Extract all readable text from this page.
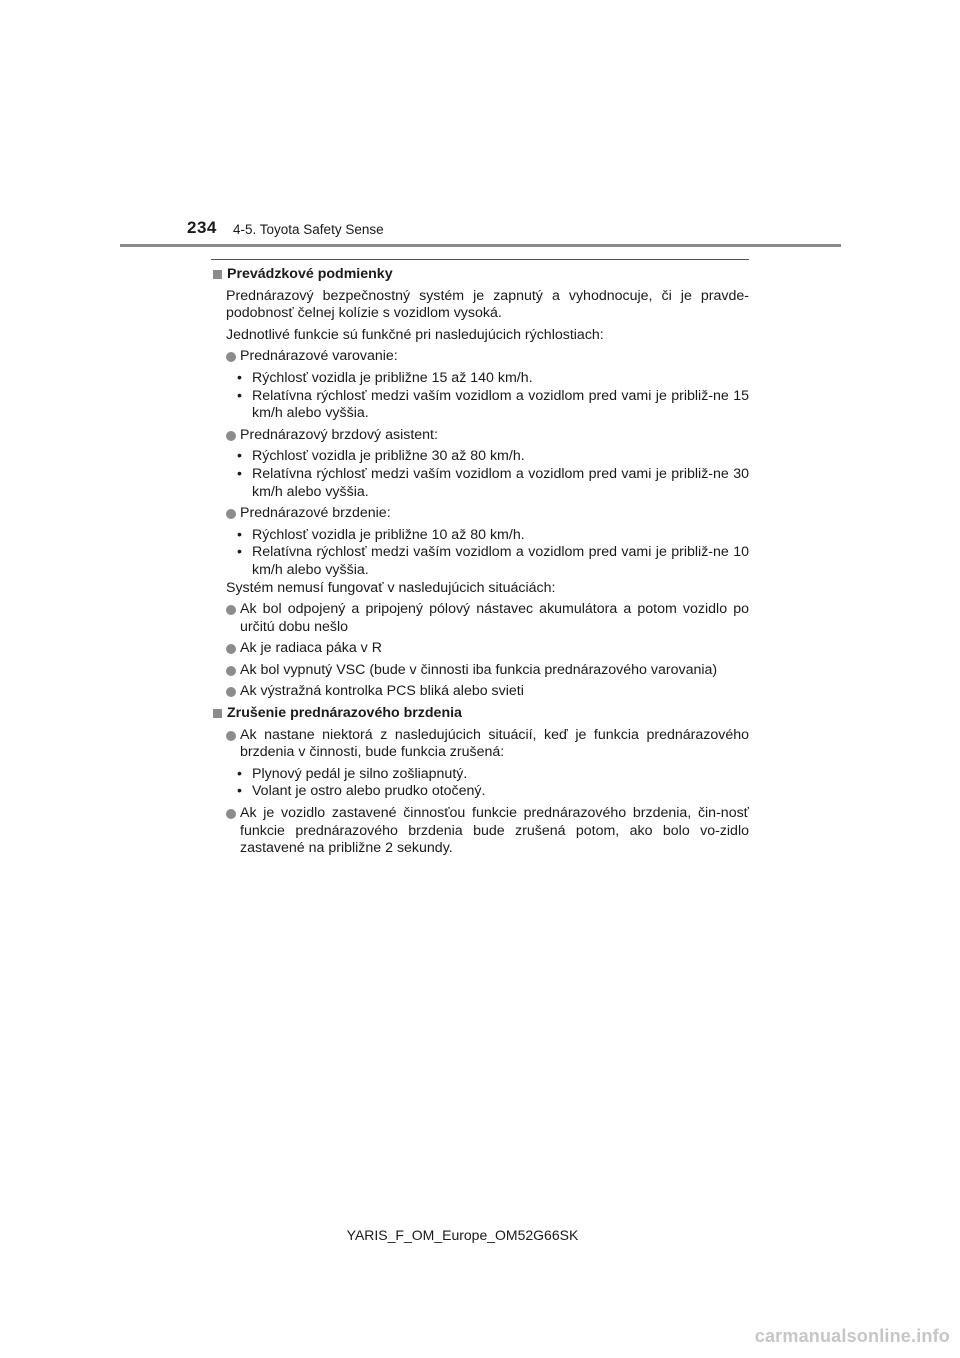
234 4-5. Toyota Safety Sense
Prevádzkové podmienky
Prednárazový bezpečnostný systém je zapnutý a vyhodnocuje, či je pravde-podobnosť čelnej kolízie s vozidlom vysoká.
Jednotlivé funkcie sú funkčné pri nasledujúcich rýchlostiach:
Prednárazové varovanie:
• Rýchlosť vozidla je približne 15 až 140 km/h.
• Relatívna rýchlosť medzi vaším vozidlom a vozidlom pred vami je približ-ne 15 km/h alebo vyššia.
Prednárazový brzdový asistent:
• Rýchlosť vozidla je približne 30 až 80 km/h.
• Relatívna rýchlosť medzi vaším vozidlom a vozidlom pred vami je približ-ne 30 km/h alebo vyššia.
Prednárazové brzdenie:
• Rýchlosť vozidla je približne 10 až 80 km/h.
• Relatívna rýchlosť medzi vaším vozidlom a vozidlom pred vami je približ-ne 10 km/h alebo vyššia.
Systém nemusí fungovať v nasledujúcich situáciách:
Ak bol odpojený a pripojený pólový nástavec akumulátora a potom vozidlo po určitú dobu nešlo
Ak je radiaca páka v R
Ak bol vypnutý VSC (bude v činnosti iba funkcia prednárazového varovania)
Ak výstražná kontrolka PCS bliká alebo svieti
Zrušenie prednárazového brzdenia
Ak nastane niektorá z nasledujúcich situácií, keď je funkcia prednárazového brzdenia v činnosti, bude funkcia zrušená:
• Plynový pedál je silno zošliapnutý.
• Volant je ostro alebo prudko otočený.
Ak je vozidlo zastavené činnosťou funkcie prednárazového brzdenia, čin-nosť funkcie prednárazového brzdenia bude zrušená potom, ako bolo vo-zidlo zastavené na približne 2 sekundy.
YARIS_F_OM_Europe_OM52G66SK
carmanualsonline.info
